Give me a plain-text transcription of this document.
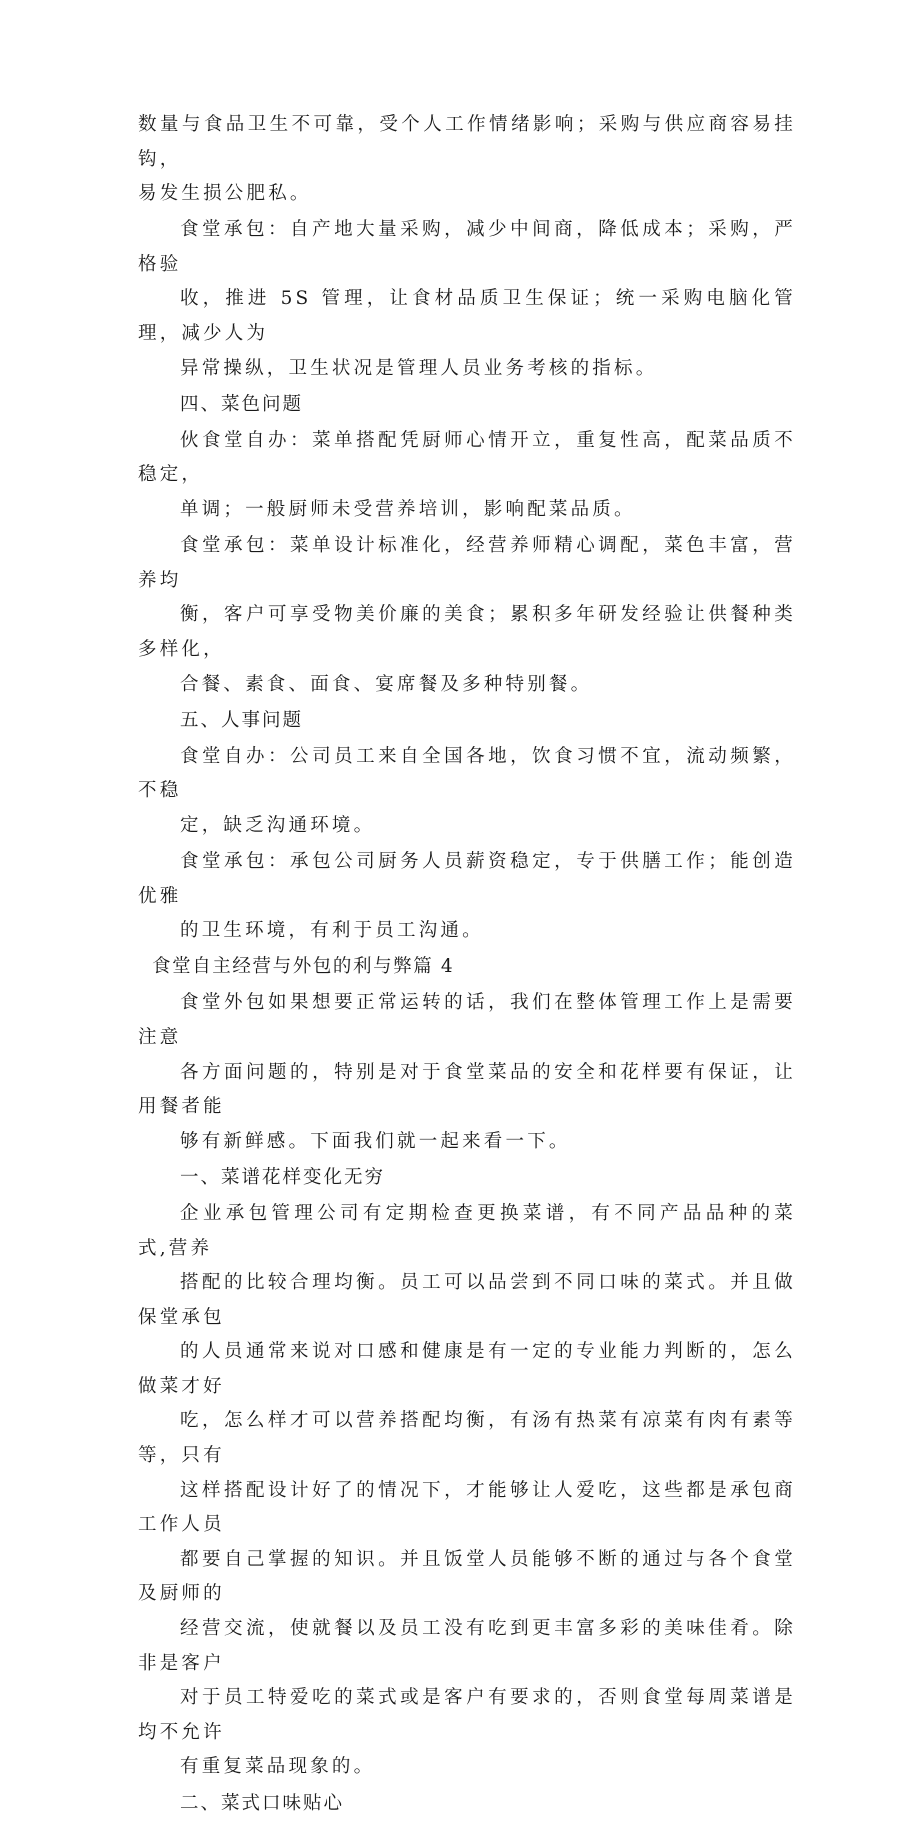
数量与食品卫生不可靠，受个人工作情绪影响；采购与供应商容易挂钩，
易发生损公肥私。

食堂承包：自产地大量采购，减少中间商，降低成本；采购，严格验
收，推进 5S 管理，让食材品质卫生保证；统一采购电脑化管理，减少人为
异常操纵，卫生状况是管理人员业务考核的指标。

四、菜色问题

伙食堂自办：菜单搭配凭厨师心情开立，重复性高，配菜品质不稳定，
单调；一般厨师未受营养培训，影响配菜品质。

食堂承包：菜单设计标准化，经营养师精心调配，菜色丰富，营养均
衡，客户可享受物美价廉的美食；累积多年研发经验让供餐种类多样化，
合餐、素食、面食、宴席餐及多种特别餐。

五、人事问题

食堂自办：公司员工来自全国各地，饮食习惯不宜，流动频繁，不稳
定，缺乏沟通环境。

食堂承包：承包公司厨务人员薪资稳定，专于供膳工作；能创造优雅
的卫生环境，有利于员工沟通。

食堂自主经营与外包的利与弊篇 4

食堂外包如果想要正常运转的话，我们在整体管理工作上是需要注意
各方面问题的，特别是对于食堂菜品的安全和花样要有保证，让用餐者能
够有新鲜感。下面我们就一起来看一下。

一、菜谱花样变化无穷

企业承包管理公司有定期检查更换菜谱，有不同产品品种的菜式,营养
搭配的比较合理均衡。员工可以品尝到不同口味的菜式。并且做保堂承包
的人员通常来说对口感和健康是有一定的专业能力判断的，怎么做菜才好
吃，怎么样才可以营养搭配均衡，有汤有热菜有凉菜有肉有素等等，只有
这样搭配设计好了的情况下，才能够让人爱吃，这些都是承包商工作人员
都要自己掌握的知识。并且饭堂人员能够不断的通过与各个食堂及厨师的
经营交流，使就餐以及员工没有吃到更丰富多彩的美味佳肴。除非是客户
对于员工特爱吃的菜式或是客户有要求的，否则食堂每周菜谱是均不允许
有重复菜品现象的。

二、菜式口味贴心
